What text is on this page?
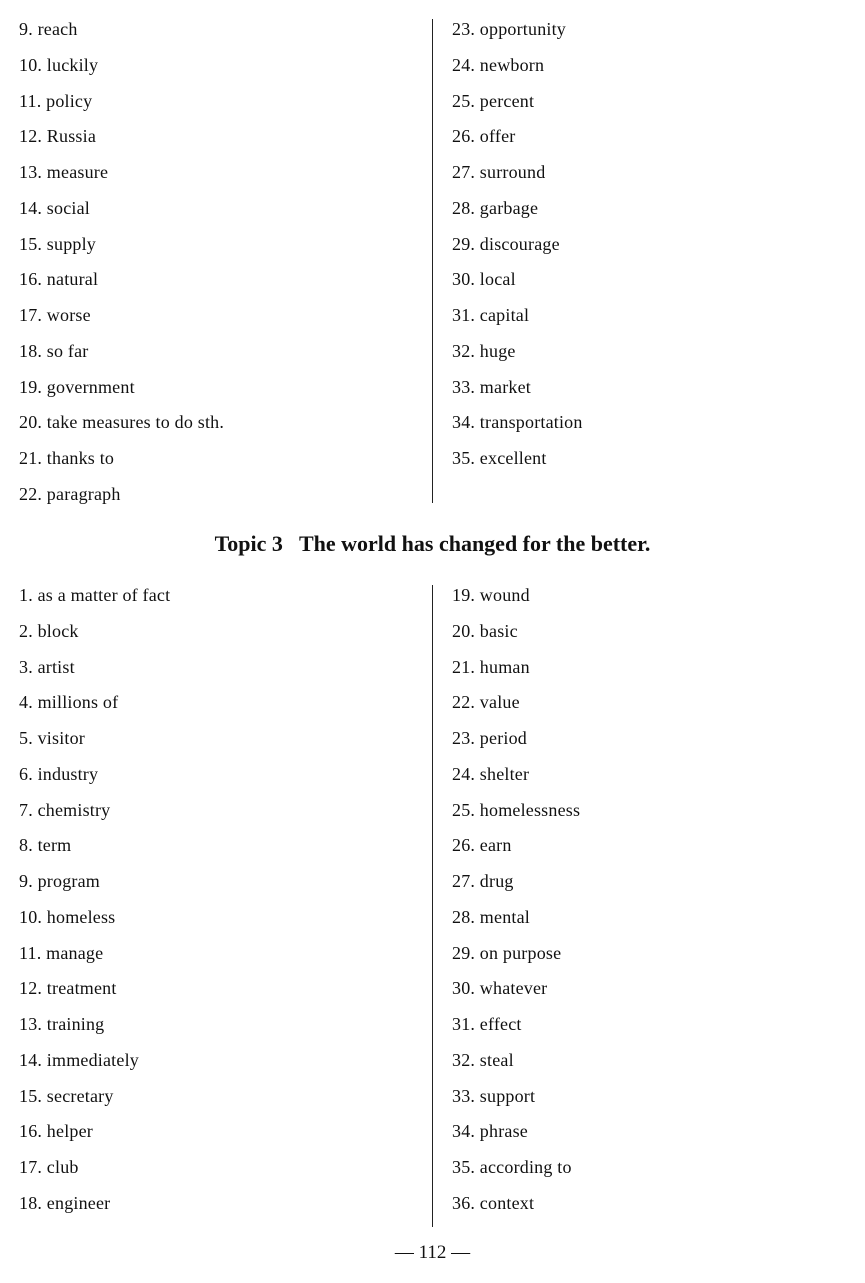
9. reach
10. luckily
11. policy
12. Russia
13. measure
14. social
15. supply
16. natural
17. worse
18. so far
19. government
20. take measures to do sth.
21. thanks to
22. paragraph
23. opportunity
24. newborn
25. percent
26. offer
27. surround
28. garbage
29. discourage
30. local
31. capital
32. huge
33. market
34. transportation
35. excellent
Topic 3   The world has changed for the better.
1. as a matter of fact
2. block
3. artist
4. millions of
5. visitor
6. industry
7. chemistry
8. term
9. program
10. homeless
11. manage
12. treatment
13. training
14. immediately
15. secretary
16. helper
17. club
18. engineer
19. wound
20. basic
21. human
22. value
23. period
24. shelter
25. homelessness
26. earn
27. drug
28. mental
29. on purpose
30. whatever
31. effect
32. steal
33. support
34. phrase
35. according to
36. context
— 112 —
